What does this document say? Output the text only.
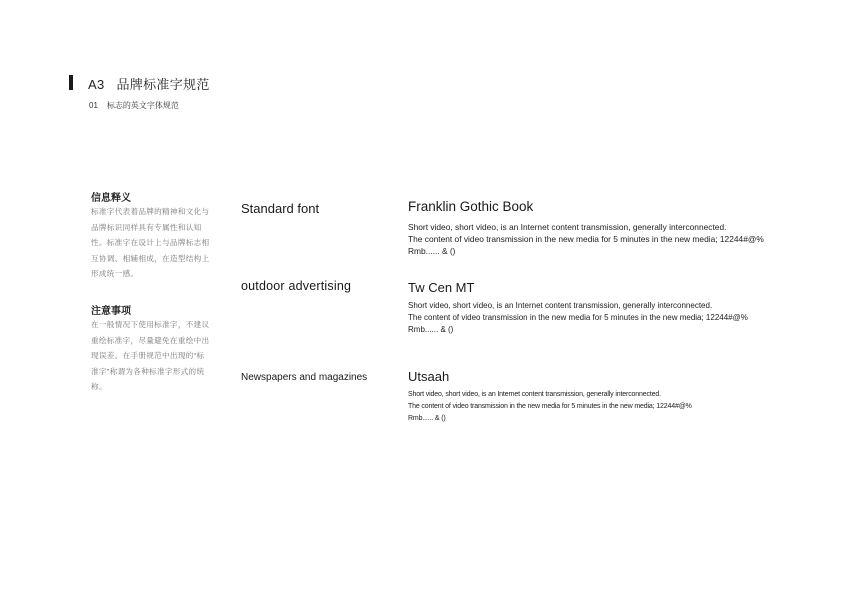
A3 品牌标准字规范
01 标志的英文字体规范
信息释义
标准字代表着品牌的精神和文化与品牌标识同样具有专属性和认知性。标准字在设计上与品牌标志相互协调、相辅相成，在造型结构上形成统一感。
注意事项
在一般情况下使用标准字，不建议重绘标准字，尽量避免在重绘中出现误差。在手册规范中出现的“标准字”称谓为各种标准字形式的统称。
Standard font	Franklin Gothic Book
Short video, short video, is an Internet content transmission, generally interconnected.
The content of video transmission in the new media for 5 minutes in the new media; 12244#@%
Rmb...... & ()
outdoor advertising	Tw Cen MT
Short video, short video, is an Internet content transmission, generally interconnected.
The content of video transmission in the new media for 5 minutes in the new media; 12244#@%
Rmb...... & ()
Newspapers and magazines	Utsaah
Short video, short video, is an Internet content transmission, generally interconnected.
The content of video transmission in the new media for 5 minutes in the new media; 12244#@%
Rmb...... & ()
